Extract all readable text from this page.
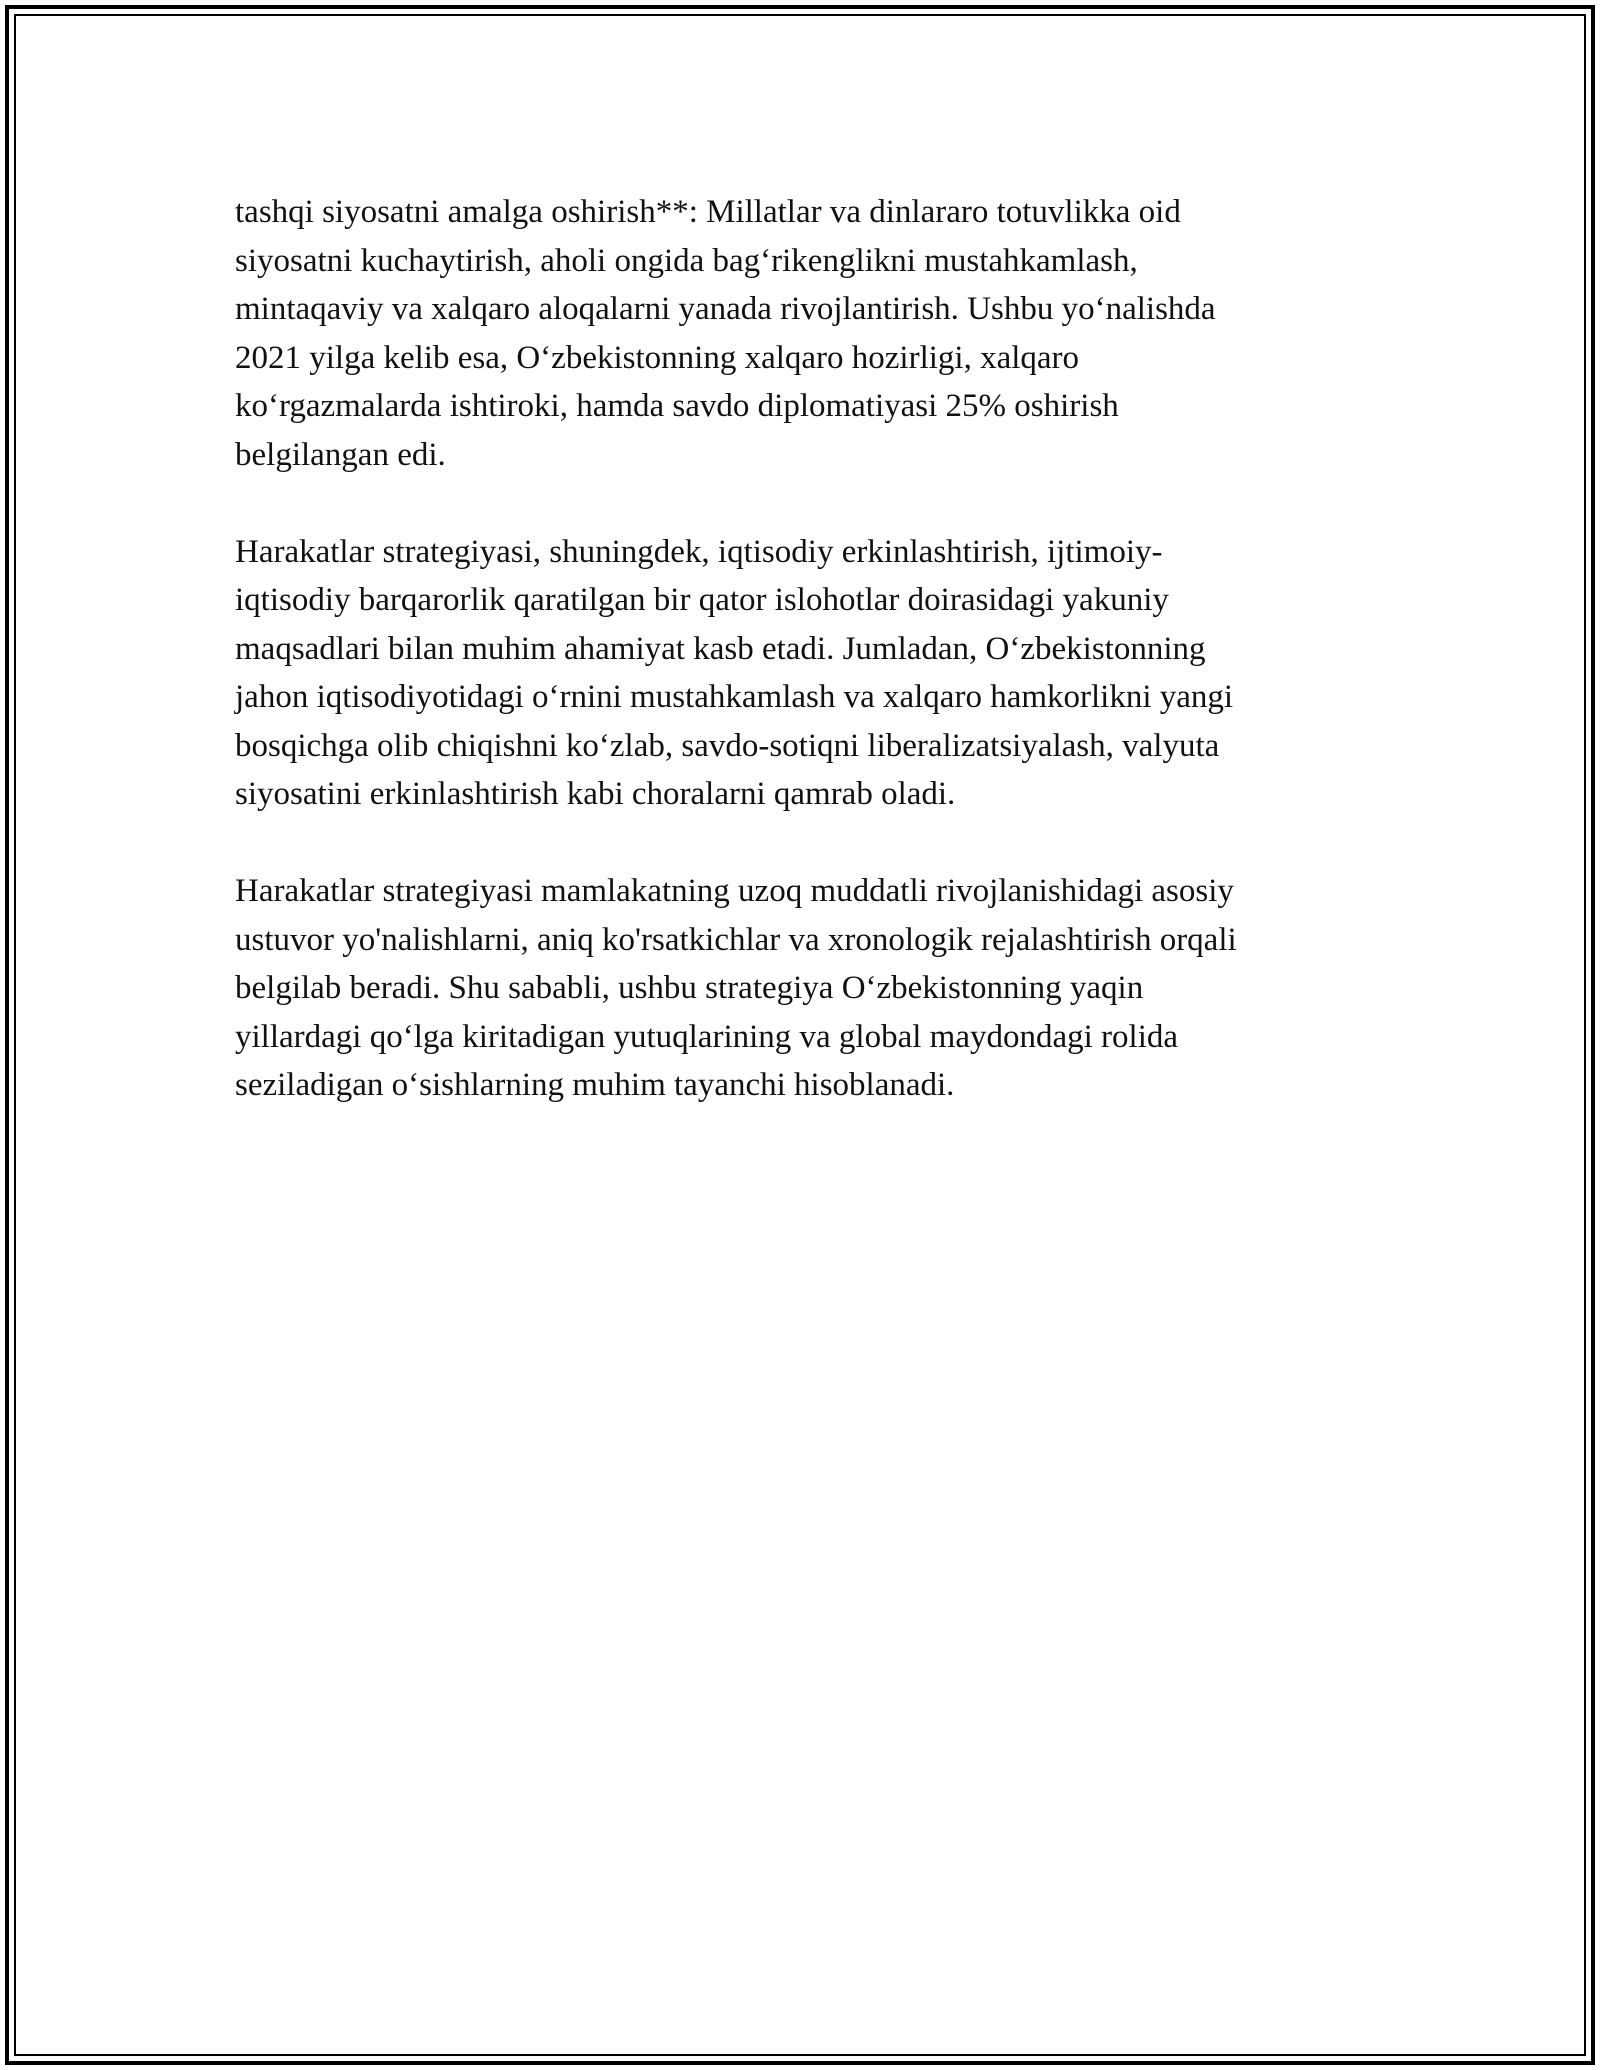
tashqi siyosatni amalga oshirish**: Millatlar va dinlararo totuvlikka oid
siyosatni kuchaytirish, aholi ongida bag‘rikenglikni mustahkamlash,
mintaqaviy va xalqaro aloqalarni yanada rivojlantirish. Ushbu yo‘nalishda
2021 yilga kelib esa, O‘zbekistonning xalqaro hozirligi, xalqaro
ko‘rgazmalarda ishtiroki, hamda savdo diplomatiyasi 25% oshirish
belgilangan edi.

Harakatlar strategiyasi, shuningdek, iqtisodiy erkinlashtirish, ijtimoiy-
iqtisodiy barqarorlik qaratilgan bir qator islohotlar doirasidagi yakuniy
maqsadlari bilan muhim ahamiyat kasb etadi. Jumladan, O‘zbekistonning
jahon iqtisodiyotidagi o‘rnini mustahkamlash va xalqaro hamkorlikni yangi
bosqichga olib chiqishni ko‘zlab, savdo-sotiqni liberalizatsiyalash, valyuta
siyosatini erkinlashtirish kabi choralarni qamrab oladi.

Harakatlar strategiyasi mamlakatning uzoq muddatli rivojlanishidagi asosiy
ustuvor yo'nalishlarni, aniq ko'rsatkichlar va xronologik rejalashtirish orqali
belgilab beradi. Shu sababli, ushbu strategiya O‘zbekistonning yaqin
yillardagi qo‘lga kiritadigan yutuqlarining va global maydondagi rolida
seziladigan o‘sishlarning muhim tayanchi hisoblanadi.
